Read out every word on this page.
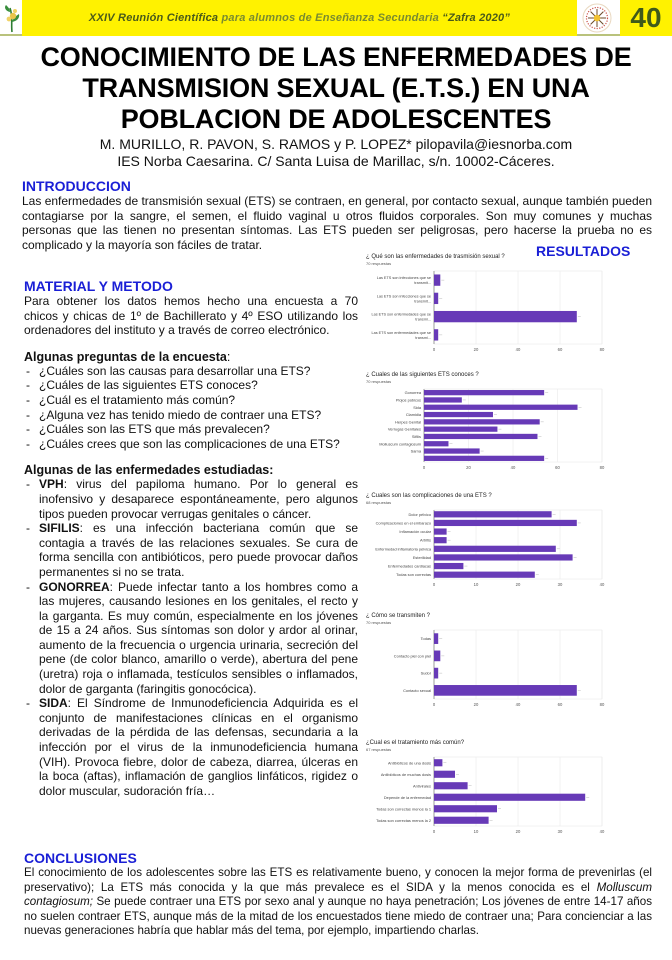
XXIV Reunión Científica
para alumnos de Enseñanza Secundaria
“Zafra 2020”	40
CONOCIMIENTO DE LAS ENFERMEDADES DE
TRANSMISION SEXUAL (E.T.S.) EN UNA
POBLACION DE ADOLESCENTES
M. MURILLO, R. PAVON, S. RAMOS y P. LOPEZ* pilopavila@iesnorba.com
IES Norba Caesarina. C/ Santa Luisa de Marillac, s/n. 10002-Cáceres.
INTRODUCCION

Las enfermedades de transmisión sexual (ETS) se contraen, en general, por contacto sexual, aunque también pueden contagiarse por la sangre, el semen, el fluido vaginal u otros fluidos corporales. Son muy comunes y muchas personas que las tienen no presentan síntomas. Las ETS pueden ser peligrosas, pero hacerse la prueba no es complicado y la mayoría son fáciles de tratar.	RESULTADOS
MATERIAL Y METODO

Para obtener los datos hemos hecho una encuesta a 70 chicos y chicas de 1º de Bachillerato y 4º ESO utilizando los ordenadores del instituto y a través de correo electrónico.

Algunas preguntas de la encuesta:
- ¿Cuáles son las causas para desarrollar una ETS?
- ¿Cuáles de las siguientes ETS conoces?
- ¿Cuál es el tratamiento más común?
- ¿Alguna vez has tenido miedo de contraer una ETS?
- ¿Cuáles son las ETS que más prevalecen?
- ¿Cuáles crees que son las complicaciones de una ETS?
Algunas de las enfermedades estudiadas:
- VPH: virus del papiloma humano. Por lo general es inofensivo y desaparece espontáneamente, pero algunos tipos pueden provocar verrugas genitales o cáncer.
- SIFILIS: es una infección bacteriana común que se contagia a través de las relaciones sexuales. Se cura de forma sencilla con antibióticos, pero puede provocar daños permanentes si no se trata.
- GONORREA: Puede infectar tanto a los hombres como a las mujeres, causando lesiones en los genitales, el recto y la garganta. Es muy común, especialmente en los jóvenes de 15 a 24 años. Sus síntomas son dolor y ardor al orinar, aumento de la frecuencia o urgencia urinaria, secreción del pene (de color blanco, amarillo o verde), abertura del pene (uretra) roja o inflamada, testículos sensibles o inflamados, dolor de garganta (faringitis gonocócica).
- SIDA: El Síndrome de Inmunodeficiencia Adquirida es el conjunto de manifestaciones clínicas en el organismo derivadas de la pérdida de las defensas, secundaria a la infección por el virus de la inmunodeficiencia humana (VIH). Provoca fiebre, dolor de cabeza, diarrea, úlceras en la boca (aftas), inflamación de ganglios linfáticos, rigidez o dolor muscular, sudoración fría…
¿ Qué son las enfermedades de trasmisión sexual ?
70 respuestas
0	20	40	60	80
Las ETS son infecciones que se
transmit...
Las ETS son infecciones que se
transmit...
Las ETS son enfermedades que se
transmi...
Las ETS son enfermedades que se
transmi...
¿ Cuales de las siguientes ETS conoces ?
70 respuestas
0	20	40	60	80
Gonorrea
Piojos púbicos
Sida
Clamidia
Herpes Genital
Verrugas Genitales
Sifilis
Molluscum contagiosum
Sarna
¿ Cuales son las complicaciones de una ETS ?
68 respuestas
0	10	20	30	40
Dolor pélvico
Complicaciones en el embarazo
Inflamación ocular
Artritis
Enfermedad inflamatoria pélvica
Esterilidad
Enfermedades cardiacas
Todas son correctas
¿ Cómo se transmiten ?
70 respuestas
0	20	40	60	80
Todas
Contacto piel con piel
Sudor
Contacto sexual
¿Cual es el tratamiento más común?
67 respuestas
0	10	20	30	40
Antibióticos de una dosis
Antibióticos de muchas dosis
Antivirales
Depende de la enfermedad
Todas son correctas menos la 1
Todas son correctas menos la 2
CONCLUSIONES

El conocimiento de los adolescentes sobre las ETS es relativamente bueno, y conocen la mejor forma de prevenirlas (el preservativo); La ETS más conocida y la que más prevalece es el SIDA y la menos conocida es el Molluscum contagiosum; Se puede contraer una ETS por sexo anal y aunque no haya penetración; Los jóvenes de entre 14-17 años no suelen contraer ETS, aunque más de la mitad de los encuestados tiene miedo de contraer una; Para concienciar a las nuevas generaciones habría que hablar más del tema, por ejemplo, impartiendo charlas.
